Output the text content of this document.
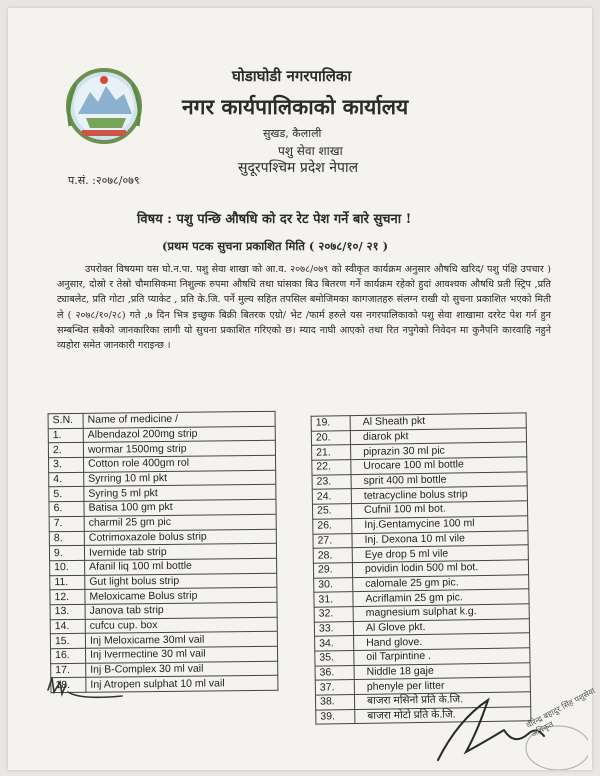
घोडाघोडी नगरपालिका
नगर कार्यपालिकाको कार्यालय
सुखड, कैलाली
पशु सेवा शाखा
सुदूरपश्चिम प्रदेश नेपाल
प.सं. :२०७८/०७९
विषय : पशु पन्छि औषधि को दर रेट पेश गर्ने बारे सुचना !
(प्रथम पटक सुचना प्रकाशित मिति ( २०७८/१०/ २१ )

उपरोक्त विषयमा यस घो.न.पा. पशु सेवा शाखा को आ.व. २०७८/०७९ को स्वीकृत कार्यक्रम अनुसार औषधि खरिद/ पशु पंक्षि उपचार ) अनुसार, दोस्रो र तेस्रो चौमासिकमा निशुल्क रुपमा औषधि तथा घांसका बिउ बितरण गर्ने कार्यक्रम रहेको हुदां आवश्यक औषधि प्रती स्ट्रिप ,प्रति ट्याबलेट, प्रति गोटा ,प्रति प्याकेट , प्रति के.जि. पर्ने मुल्य सहित तपसिल बमोजिमका कागजातहरु संलग्न राखी यो सुचना प्रकाशित भएको मिती ले ( २०७८/१०/२८) गते ,७ दिन भित्र इच्छुक बिक्री बितरक एग्रो/ भेट /फार्म हरुले यस नगरपालिकाको पशु सेवा शाखामा दररेट पेश गर्न हुन सम्बन्धित सबैको जानकारिका लागी यो सुचना प्रकाशित गरिएको छ। म्याद नाघी आएको तथा रित नपुगेको निवेदन मा कुनैपनि कारवाहि नहुने व्यहोरा समेत जानकारी गराइन्छ ।

S.N.	Name of medicine /
1.	Albendazol 200mg strip
2.	wormar 1500mg strip
3.	Cotton role 400gm rol
4.	Syrring 10 ml pkt
5.	Syring 5 ml pkt
6.	Batisa 100 gm pkt
7.	charmil 25 gm pic
8.	Cotrimoxazole bolus strip
9.	Ivernide tab strip
10.	Afanil liq 100 ml bottle
11.	Gut light bolus strip
12.	Meloxicame Bolus strip
13.	Janova tab strip
14.	cufcu cup. box
15.	Inj Meloxicame 30ml vail
16.	Inj Ivermectine 30 ml vail
17.	Inj B-Complex 30 ml vail
18.	Inj Atropen sulphat 10 ml vail
19.	Al Sheath pkt
20.	diarok pkt
21.	piprazin 30 ml pic
22.	Urocare 100 ml bottle
23.	sprit 400 ml bottle
24.	tetracycline bolus strip
25.	Cufnil 100 ml bot.
26.	Inj.Gentamycine 100 ml
27.	Inj. Dexona 10 ml vile
28.	Eye drop 5 ml vile
29.	povidin lodin 500 ml bot.
30.	calomale 25 gm pic.
31.	Acriflamin 25 gm pic.
32.	magnesium sulphat k.g.
33.	Al Glove pkt.
34.	Hand glove.
35.	oil Tarpintine .
36.	Niddle 18 gaje
37.	phenyle per litter
38.	बाजरा मसिनो प्रति के.जि.
39.	बाजरा मोटो प्रति के.जि.	वीरेन्द्र बहादुर सिंह पशुसेवा अधिकृत
